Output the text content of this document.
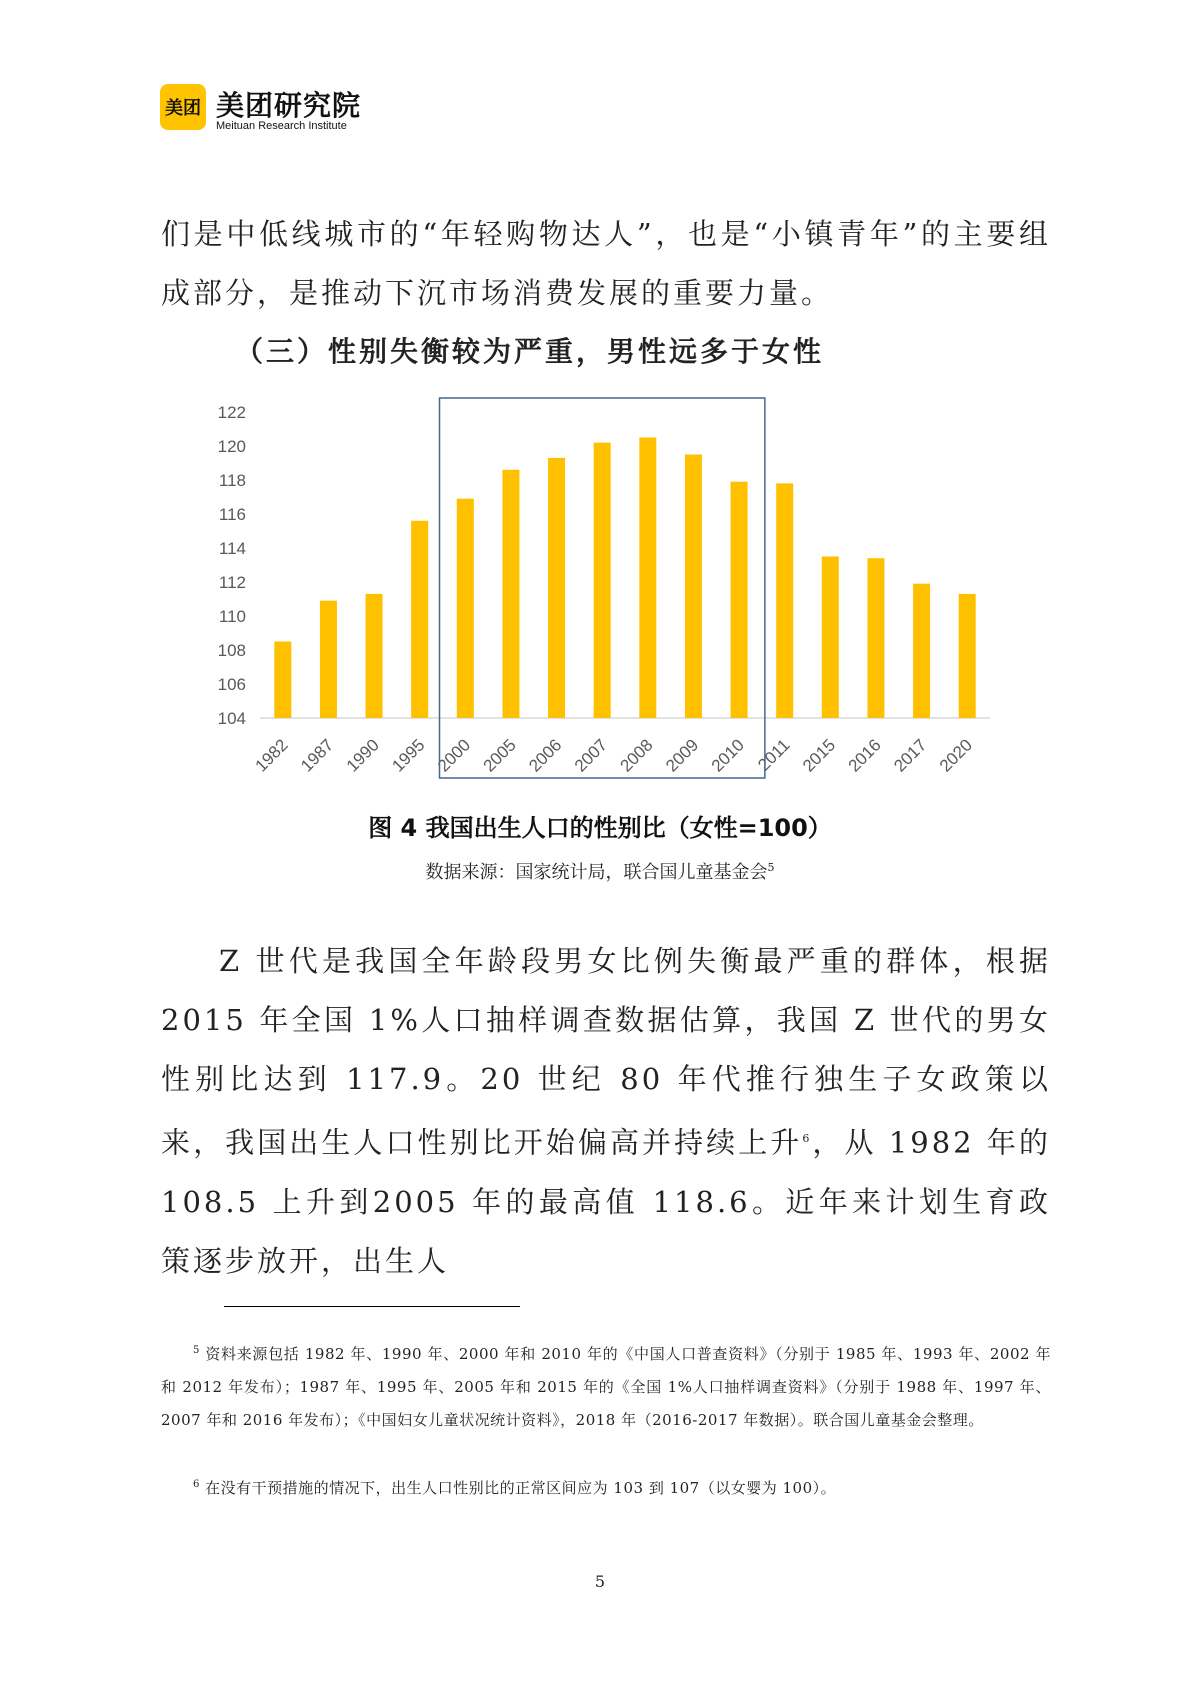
美团 美团研究院
Meituan Research Institute
们是中低线城市的“年轻购物达人”，也是“小镇青年”的主要组成部分，是推动下沉市场消费发展的重要力量。
（三）性别失衡较为严重，男性远多于女性
104
106
108
110
112
114
116
118
120
122
1982 1987 1990 1995 2000 2005 2006 2007 2008 2009 2010 2011 2015 2016 2017 2020
图 4 我国出生人口的性别比（女性=100）
数据来源：国家统计局，联合国儿童基金会$^5$
Z 世代是我国全年龄段男女比例失衡最严重的群体，根据2015 年全国 1%人口抽样调查数据估算，我国 Z 世代的男女性别比达到 117.9。20 世纪 80 年代推行独生子女政策以来，我国出生人口性别比开始偏高并持续上升$^6$，从 1982 年的 108.5 上升到2005 年的最高值 118.6。近年来计划生育政策逐步放开，出生人
$^5$ 资料来源包括 1982 年、1990 年、2000 年和 2010 年的《中国人口普查资料》（分别于 1985 年、1993 年、2002 年和 2012 年发布）；1987 年、1995 年、2005 年和 2015 年的《全国 1%人口抽样调查资料》（分别于 1988 年、1997 年、2007 年和 2016 年发布）；《中国妇女儿童状况统计资料》，2018 年（2016-2017 年数据）。联合国儿童基金会整理。
$^6$ 在没有干预措施的情况下，出生人口性别比的正常区间应为 103 到 107（以女婴为 100）。
5
